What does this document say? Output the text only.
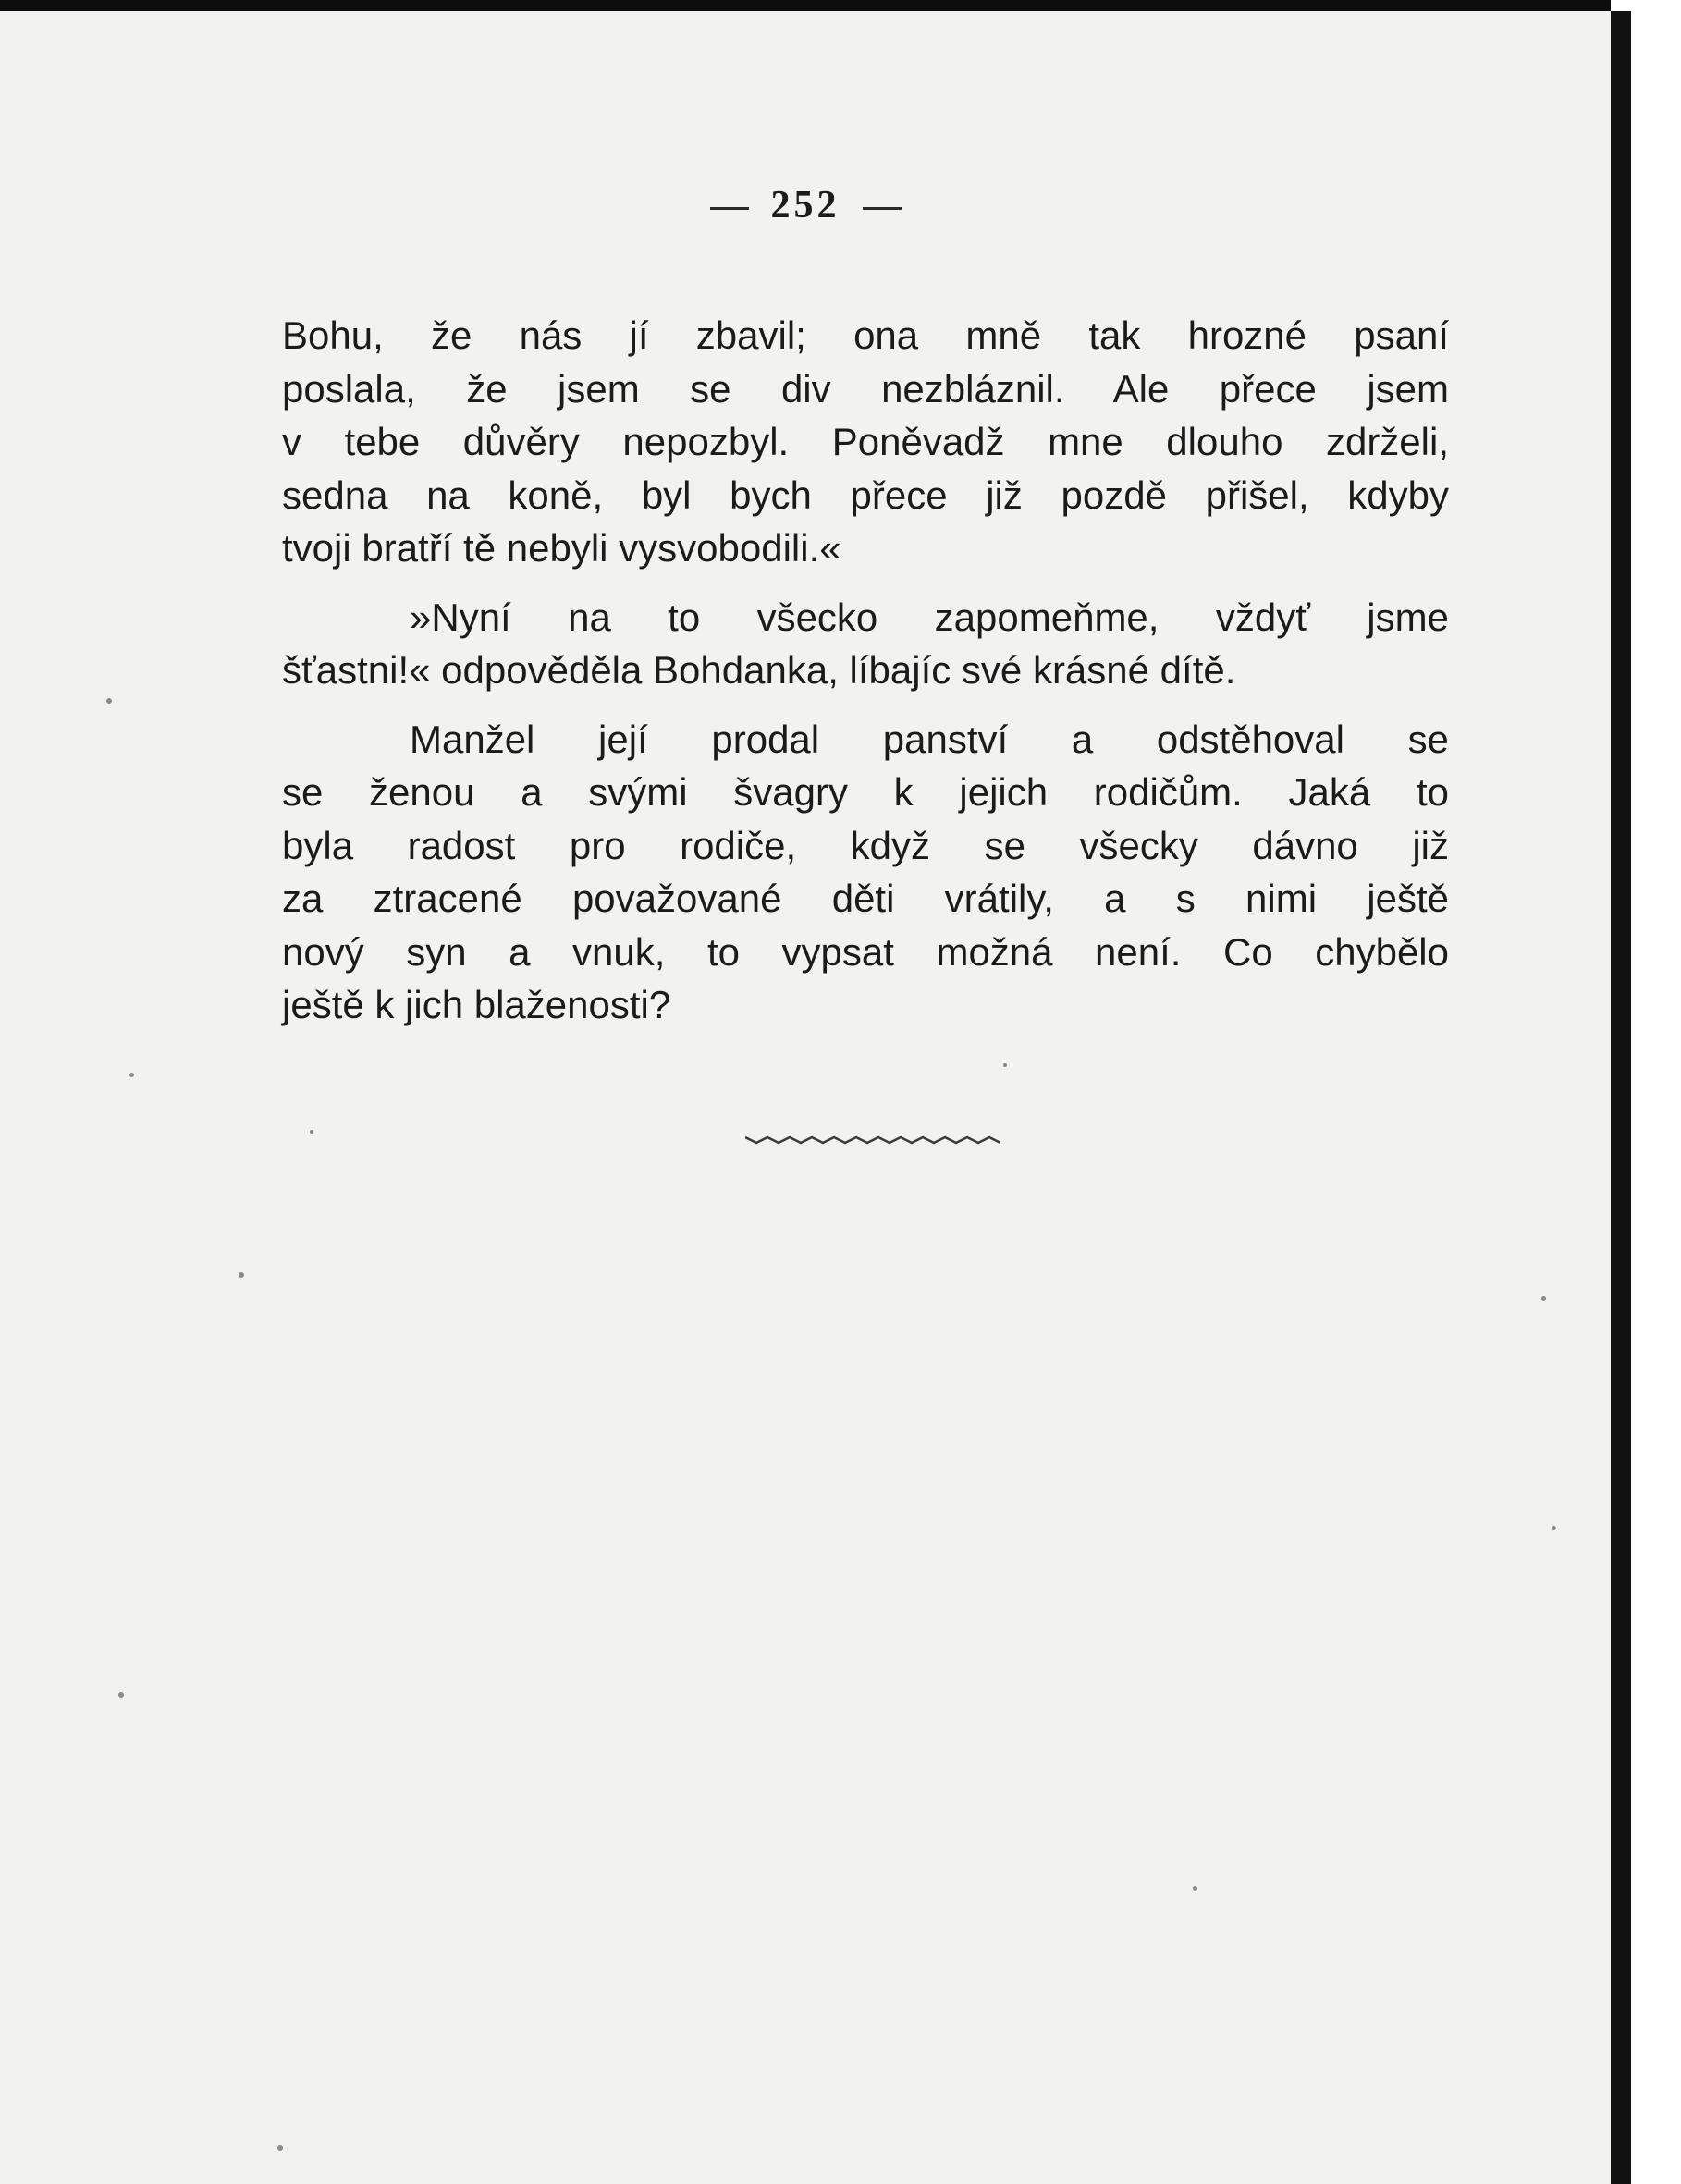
252

Bohu, že nás jí zbavil; ona mně tak hrozné psaní
poslala, že jsem se div nezbláznil. Ale přece jsem
v tebe důvěry nepozbyl. Poněvadž mne dlouho zdrželi,
sedna na koně, byl bych přece již pozdě přišel, kdyby
tvoji bratří tě nebyli vysvobodili.«

»Nyní na to všecko zapomeňme, vždyť jsme
šťastni!« odpověděla Bohdanka, líbajíc své krásné dítě.

Manžel její prodal panství a odstěhoval se
se ženou a svými švagry k jejich rodičům. Jaká to
byla radost pro rodiče, když se všecky dávno již
za ztracené považované děti vrátily, a s nimi ještě
nový syn a vnuk, to vypsat možná není. Co chybělo
ještě k jich blaženosti?
